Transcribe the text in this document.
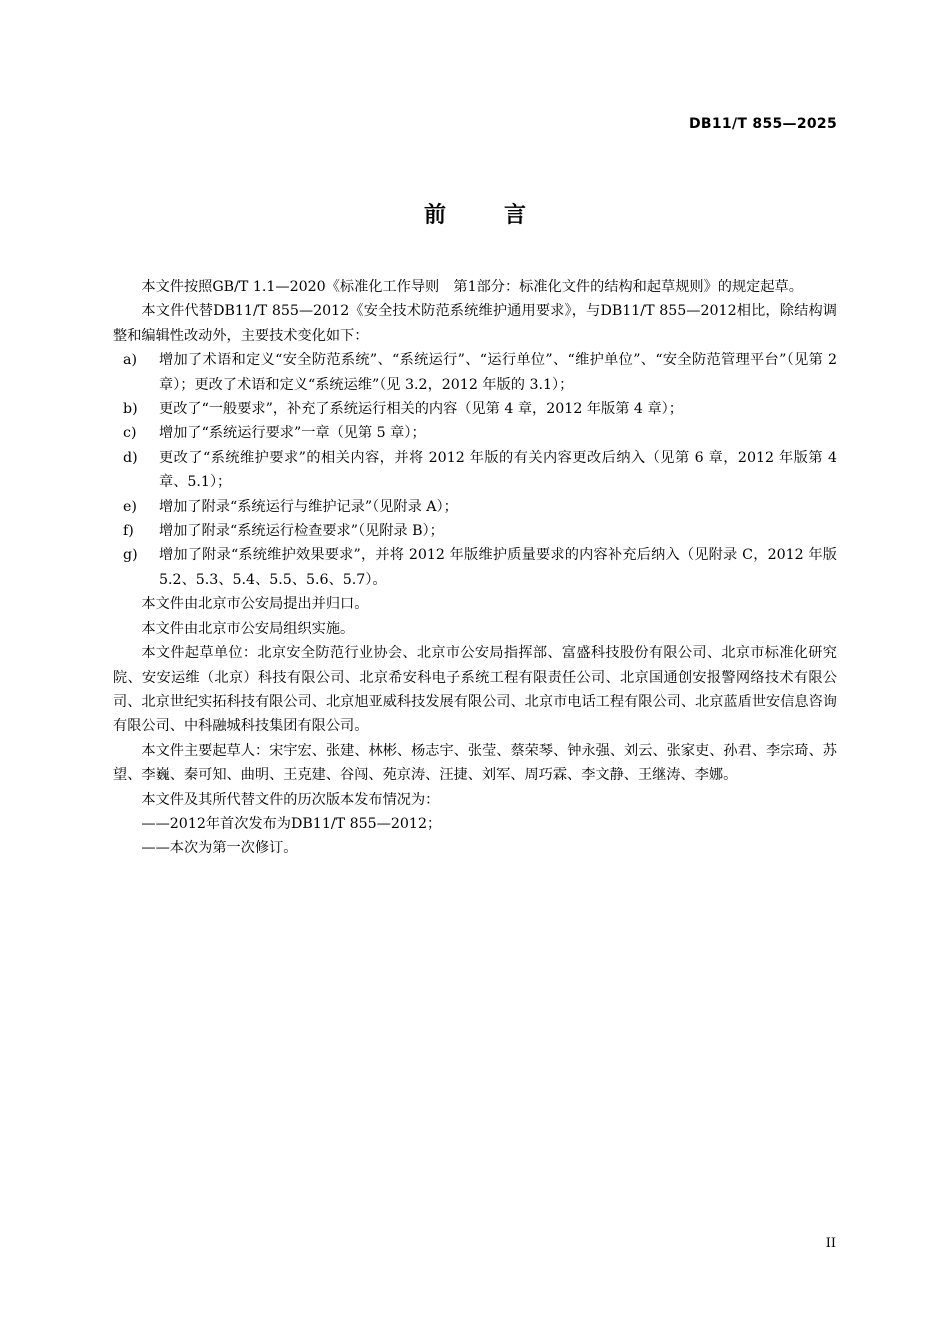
DB11/T 855—2025
前	言

本文件按照GB/T 1.1—2020《标准化工作导则　第1部分：标准化文件的结构和起草规则》的规定起草。

本文件代替DB11/T 855—2012《安全技术防范系统维护通用要求》，与DB11/T 855—2012相比，除结构调整和编辑性改动外，主要技术变化如下：

a) 增加了术语和定义“安全防范系统”、“系统运行”、“运行单位”、“维护单位”、“安全防范管理平台”（见第 2 章）；更改了术语和定义“系统运维”（见 3.2，2012 年版的 3.1）；
b) 更改了“一般要求”，补充了系统运行相关的内容（见第 4 章，2012 年版第 4 章）；
c) 增加了“系统运行要求”一章（见第 5 章）；
d) 更改了“系统维护要求”的相关内容，并将 2012 年版的有关内容更改后纳入（见第 6 章，2012 年版第 4 章、5.1）；
e) 增加了附录“系统运行与维护记录”（见附录 A）；
f) 增加了附录“系统运行检查要求”（见附录 B）；
g) 增加了附录“系统维护效果要求”，并将 2012 年版维护质量要求的内容补充后纳入（见附录 C，2012 年版 5.2、5.3、5.4、5.5、5.6、5.7）。

本文件由北京市公安局提出并归口。

本文件由北京市公安局组织实施。

本文件起草单位：北京安全防范行业协会、北京市公安局指挥部、富盛科技股份有限公司、北京市标准化研究院、安安运维（北京）科技有限公司、北京希安科电子系统工程有限责任公司、北京国通创安报警网络技术有限公司、北京世纪实拓科技有限公司、北京旭亚威科技发展有限公司、北京市电话工程有限公司、北京蓝盾世安信息咨询有限公司、中科融城科技集团有限公司。

本文件主要起草人：宋宇宏、张建、林彬、杨志宇、张莹、蔡荣琴、钟永强、刘云、张家吏、孙君、李宗琦、苏望、李巍、秦可知、曲明、王克建、谷闯、苑京涛、汪捷、刘军、周巧霖、李文静、王继涛、李娜。

本文件及其所代替文件的历次版本发布情况为：

——2012年首次发布为DB11/T 855—2012；

——本次为第一次修订。

II
